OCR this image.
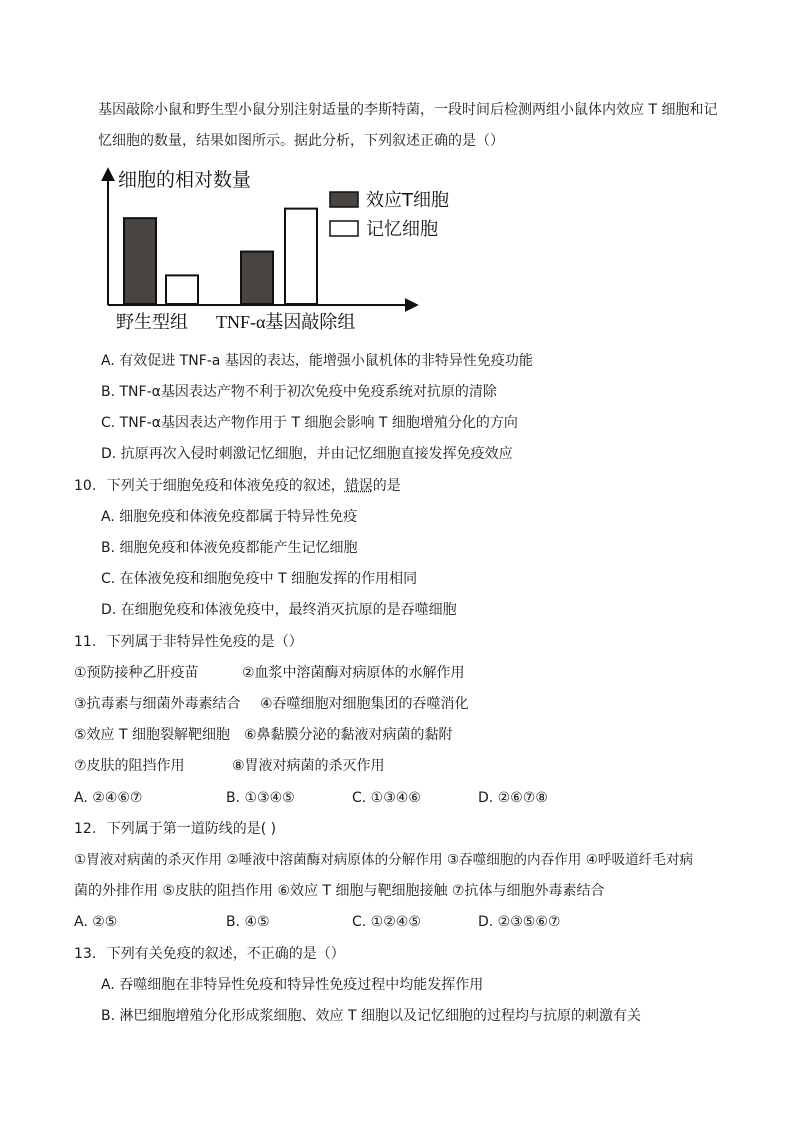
基因敲除小鼠和野生型小鼠分别注射适量的李斯特菌，一段时间后检测两组小鼠体内效应 T 细胞和记
忆细胞的数量，结果如图所示。据此分析，下列叙述正确的是（）
细胞的相对数量
效应T细胞
记忆细胞
野生型组 TNF-α基因敲除组
A. 有效促进 TNF-a 基因的表达，能增强小鼠机体的非特异性免疫功能
B. TNF-α基因表达产物不利于初次免疫中免疫系统对抗原的清除
C. TNF-α基因表达产物作用于 T 细胞会影响 T 细胞增殖分化的方向
D. 抗原再次入侵时刺激记忆细胞，并由记忆细胞直接发挥免疫效应
10. 下列关于细胞免疫和体液免疫的叙述，错误的是
A. 细胞免疫和体液免疫都属于特异性免疫
B. 细胞免疫和体液免疫都能产生记忆细胞
C. 在体液免疫和细胞免疫中 T 细胞发挥的作用相同
D. 在细胞免疫和体液免疫中，最终消灭抗原的是吞噬细胞
11. 下列属于非特异性免疫的是（）
①预防接种乙肝疫苗	②血浆中溶菌酶对病原体的水解作用
③抗毒素与细菌外毒素结合 ④吞噬细胞对细胞集团的吞噬消化
⑤效应 T 细胞裂解靶细胞 ⑥鼻黏膜分泌的黏液对病菌的黏附
⑦皮肤的阻挡作用	⑧胃液对病菌的杀灭作用
A. ②④⑥⑦	B. ①③④⑤	C. ①③④⑥	D. ②⑥⑦⑧
12. 下列属于第一道防线的是( )
①胃液对病菌的杀灭作用 ②唾液中溶菌酶对病原体的分解作用 ③吞噬细胞的内吞作用 ④呼吸道纤毛对病
菌的外排作用 ⑤皮肤的阻挡作用 ⑥效应 T 细胞与靶细胞接触 ⑦抗体与细胞外毒素结合
A. ②⑤	B. ④⑤	C. ①②④⑤	D. ②③⑤⑥⑦
13. 下列有关免疫的叙述，不正确的是（）
A. 吞噬细胞在非特异性免疫和特异性免疫过程中均能发挥作用
B. 淋巴细胞增殖分化形成浆细胞、效应 T 细胞以及记忆细胞的过程均与抗原的刺激有关
